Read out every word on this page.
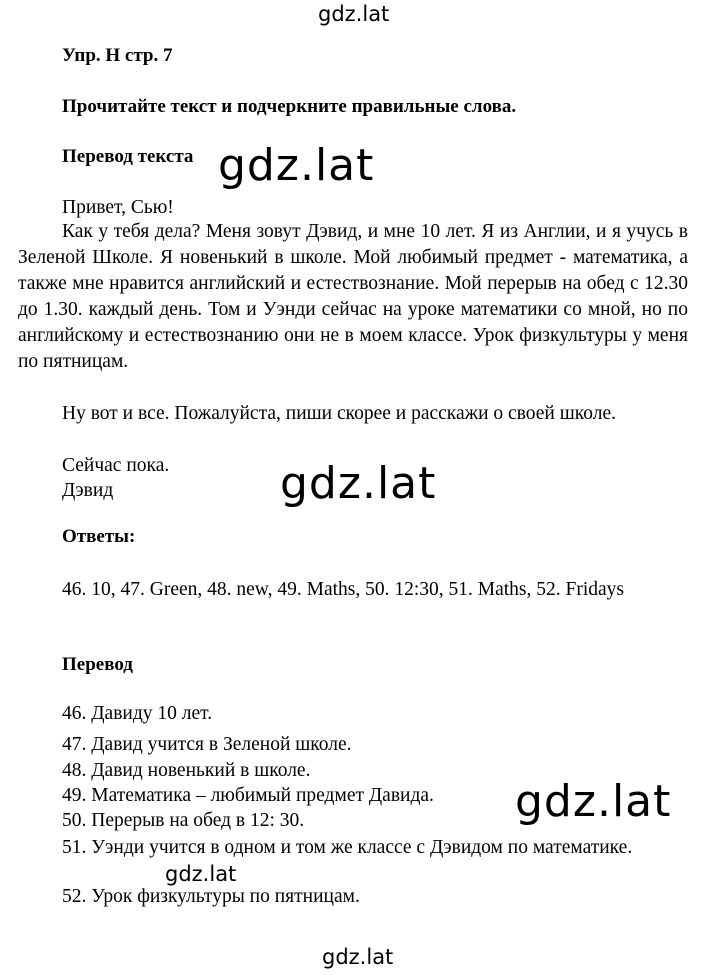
gdz.lat
gdz.lat
gdz.lat
gdz.lat
gdz.lat
gdz.lat
Упр. H стр. 7
Прочитайте текст и подчеркните правильные слова.
Перевод текста
Привет, Сью!
Как у тебя дела? Меня зовут Дэвид, и мне 10 лет. Я из Англии, и я учусь в Зеленой Школе. Я новенький в школе. Мой любимый предмет - математика, а также мне нравится английский и естествознание. Мой перерыв на обед с 12.30 до 1.30. каждый день. Том и Уэнди сейчас на уроке математики со мной, но по английскому и естествознанию они не в моем классе. Урок физкультуры у меня по пятницам.
Ну вот и все. Пожалуйста, пиши скорее и расскажи о своей школе.
Сейчас пока.
Дэвид
Ответы:
46. 10, 47. Green, 48. new, 49. Maths, 50. 12:30, 51. Maths, 52. Fridays
Перевод
46. Давиду 10 лет.
47. Давид учится в Зеленой школе.
48. Давид новенький в школе.
49. Математика – любимый предмет Давида.
50. Перерыв на обед в 12: 30.
51. Уэнди учится в одном и том же классе с Дэвидом по математике.
52. Урок физкультуры по пятницам.
